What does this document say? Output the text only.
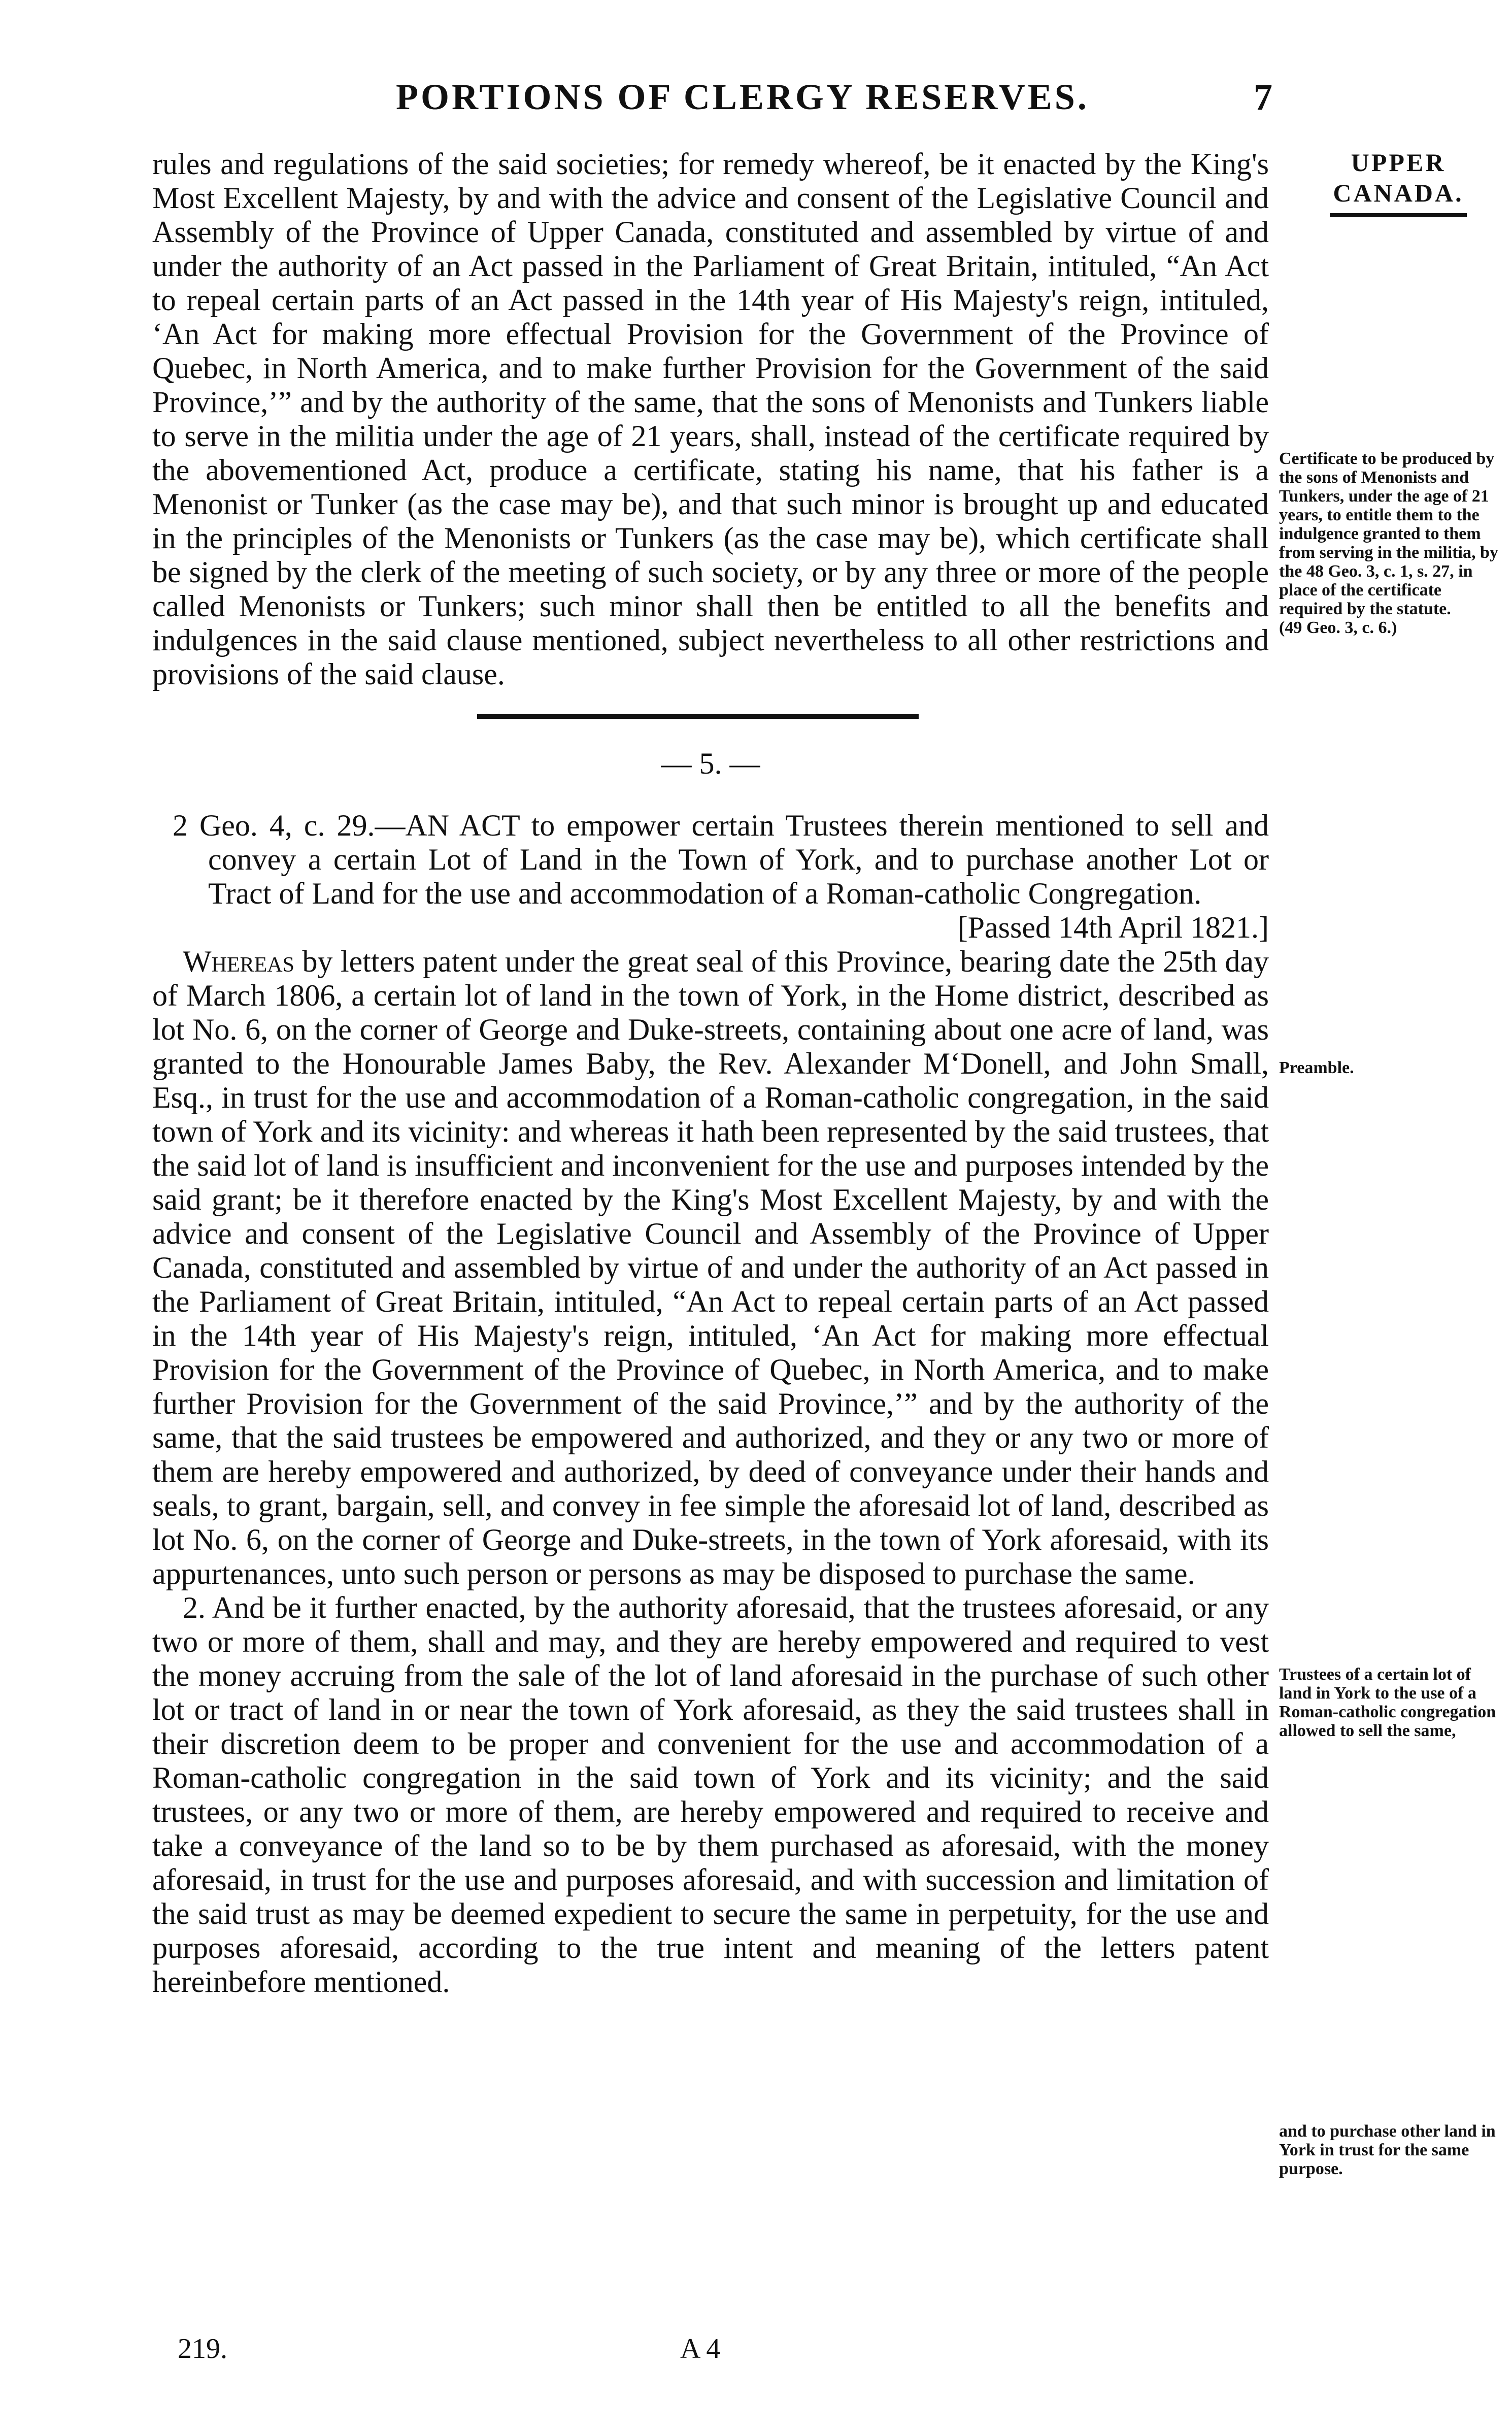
PORTIONS OF CLERGY RESERVES.	7
UPPER CANADA.
Certificate to be produced by the sons of Menonists and Tunkers, under the age of 21 years, to entitle them to the indulgence granted to them from serving in the militia, by the 48 Geo. 3, c. 1, s. 27, in place of the certificate required by the statute.
(49 Geo. 3, c. 6.)
Preamble.
Trustees of a certain lot of land in York to the use of a Roman-catholic congregation allowed to sell the same,
and to purchase other land in York in trust for the same purpose.

rules and regulations of the said societies; for remedy whereof, be it enacted by the King's Most Excellent Majesty, by and with the advice and consent of the Legislative Council and Assembly of the Province of Upper Canada, constituted and assembled by virtue of and under the authority of an Act passed in the Parliament of Great Britain, intituled, “An Act to repeal certain parts of an Act passed in the 14th year of His Majesty's reign, intituled, ‘An Act for making more effectual Provision for the Government of the Province of Quebec, in North America, and to make further Provision for the Government of the said Province,’” and by the authority of the same, that the sons of Menonists and Tunkers liable to serve in the militia under the age of 21 years, shall, instead of the certificate required by the abovementioned Act, produce a certificate, stating his name, that his father is a Menonist or Tunker (as the case may be), and that such minor is brought up and educated in the principles of the Menonists or Tunkers (as the case may be), which certificate shall be signed by the clerk of the meeting of such society, or by any three or more of the people called Menonists or Tunkers; such minor shall then be entitled to all the benefits and indulgences in the said clause mentioned, subject nevertheless to all other restrictions and provisions of the said clause.

— 5. —

2 Geo. 4, c. 29.—AN ACT to empower certain Trustees therein mentioned to sell and convey a certain Lot of Land in the Town of York, and to purchase another Lot or Tract of Land for the use and accommodation of a Roman-catholic Congregation.

[Passed 14th April 1821.]

Whereas by letters patent under the great seal of this Province, bearing date the 25th day of March 1806, a certain lot of land in the town of York, in the Home district, described as lot No. 6, on the corner of George and Duke-streets, containing about one acre of land, was granted to the Honourable James Baby, the Rev. Alexander M‘Donell, and John Small, Esq., in trust for the use and accommodation of a Roman-catholic congregation, in the said town of York and its vicinity: and whereas it hath been represented by the said trustees, that the said lot of land is insufficient and inconvenient for the use and purposes intended by the said grant; be it therefore enacted by the King's Most Excellent Majesty, by and with the advice and consent of the Legislative Council and Assembly of the Province of Upper Canada, constituted and assembled by virtue of and under the authority of an Act passed in the Parliament of Great Britain, intituled, “An Act to repeal certain parts of an Act passed in the 14th year of His Majesty's reign, intituled, ‘An Act for making more effectual Provision for the Government of the Province of Quebec, in North America, and to make further Provision for the Government of the said Province,’” and by the authority of the same, that the said trustees be empowered and authorized, and they or any two or more of them are hereby empowered and authorized, by deed of conveyance under their hands and seals, to grant, bargain, sell, and convey in fee simple the aforesaid lot of land, described as lot No. 6, on the corner of George and Duke-streets, in the town of York aforesaid, with its appurtenances, unto such person or persons as may be disposed to purchase the same.

2. And be it further enacted, by the authority aforesaid, that the trustees aforesaid, or any two or more of them, shall and may, and they are hereby empowered and required to vest the money accruing from the sale of the lot of land aforesaid in the purchase of such other lot or tract of land in or near the town of York aforesaid, as they the said trustees shall in their discretion deem to be proper and convenient for the use and accommodation of a Roman-catholic congregation in the said town of York and its vicinity; and the said trustees, or any two or more of them, are hereby empowered and required to receive and take a conveyance of the land so to be by them purchased as aforesaid, with the money aforesaid, in trust for the use and purposes aforesaid, and with succession and limitation of the said trust as may be deemed expedient to secure the same in perpetuity, for the use and purposes aforesaid, according to the true intent and meaning of the letters patent hereinbefore mentioned.

219.	A 4
